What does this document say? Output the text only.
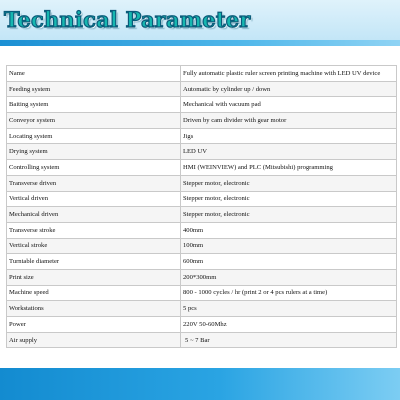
Technical Parameter
Name	Fully automatic plastic ruler screen printing machine with LED UV device
Feeding system	Automatic by cylinder up / down
Baiting system	Mechanical with vacuum pad
Conveyor system	Driven by cam divider with gear motor
Locating system	Jigs
Drying system	LED UV
Controlling system	HMI (WEINVIEW) and PLC (Mitsubishi) programming
Transverse driven	Stepper motor, electronic
Vertical driven	Stepper motor, electronic
Mechanical driven	Stepper motor, electronic
Transverse stroke	400mm
Vertical stroke	100mm
Turntable diameter	600mm
Print size	200*300mm
Machine speed	800 - 1000 cycles / hr (print 2 or 4 pcs rulers at a time)
Workstations	5 pcs
Power	220V 50-60Mhz
Air supply	5 ~ 7 Bar
